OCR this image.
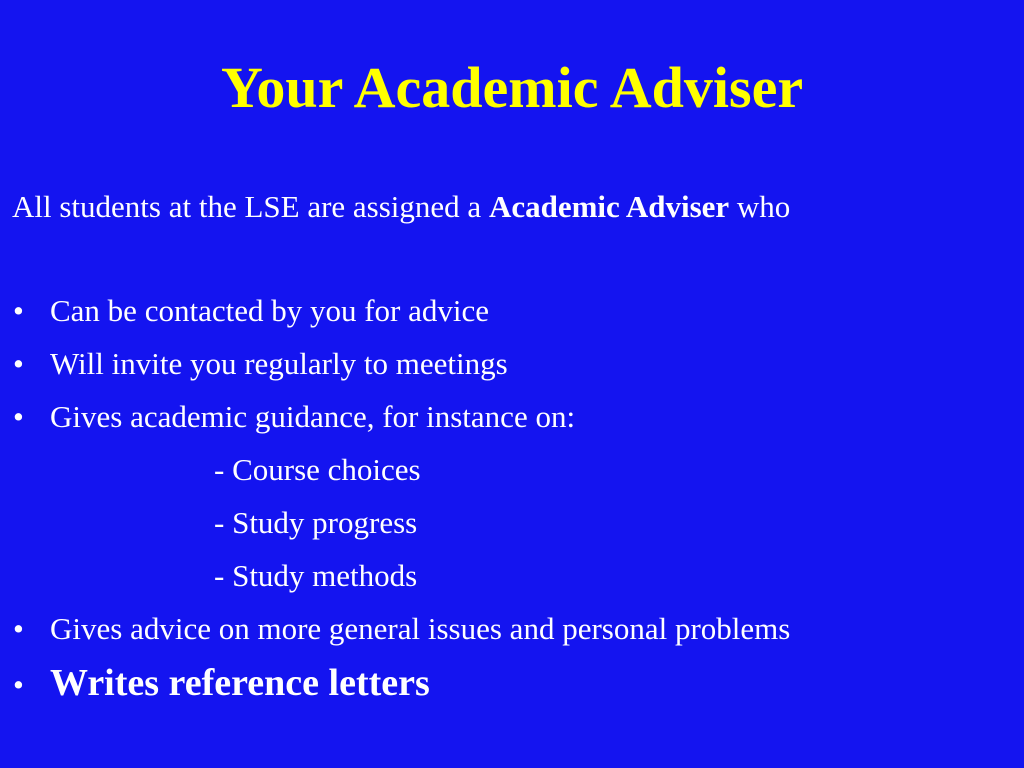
Your Academic Adviser
All students at the LSE are assigned a Academic Adviser who
• Can be contacted by you for advice
• Will invite you regularly to meetings
• Gives academic guidance, for instance on:
- Course choices
- Study progress
- Study methods
• Gives advice on more general issues and personal problems
• Writes reference letters
